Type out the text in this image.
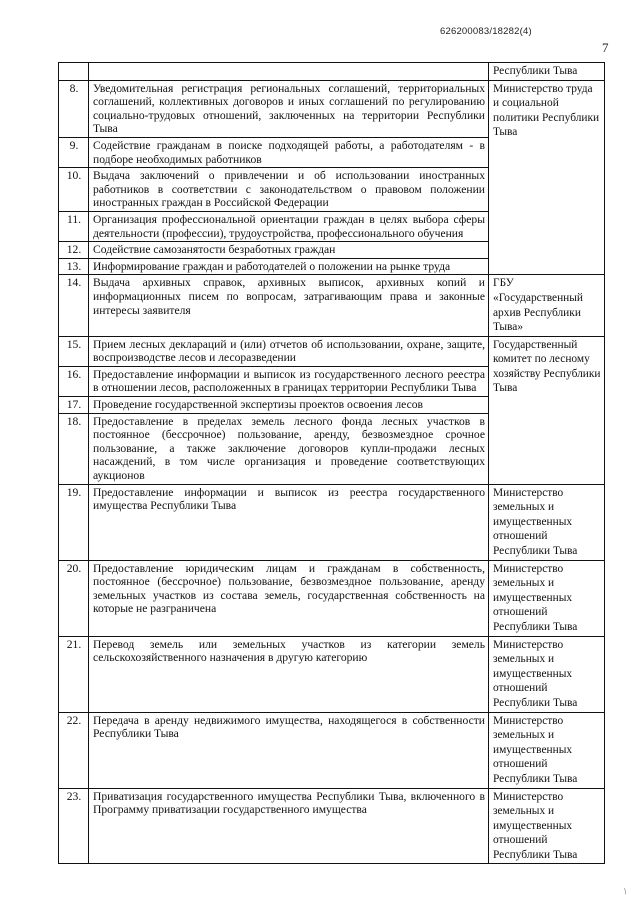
626200083/18282(4)
7
		Республики Тыва
8.	Уведомительная регистрация региональных соглашений, территориальных соглашений, коллективных договоров и иных соглашений по регулированию социально-трудовых отношений, заключенных на территории Республики Тыва	Министерство труда и социальной политики Республики Тыва
9.	Содействие гражданам в поиске подходящей работы, а работодателям - в подборе необходимых работников	
10.	Выдача заключений о привлечении и об использовании иностранных работников в соответствии с законодательством о правовом положении иностранных граждан в Российской Федерации	
11.	Организация профессиональной ориентации граждан в целях выбора сферы деятельности (профессии), трудоустройства, профессионального обучения	
12.	Содействие самозанятости безработных граждан	
13.	Информирование граждан и работодателей о положении на рынке труда	
14.	Выдача архивных справок, архивных выписок, архивных копий и информационных писем по вопросам, затрагивающим права и законные интересы заявителя	ГБУ «Государственный архив Республики Тыва»
15.	Прием лесных деклараций и (или) отчетов об использовании, охране, защите, воспроизводстве лесов и лесоразведении	Государственный комитет по лесному хозяйству Республики Тыва
16.	Предоставление информации и выписок из государственного лесного реестра в отношении лесов, расположенных в границах территории Республики Тыва	
17.	Проведение государственной экспертизы проектов освоения лесов	
18.	Предоставление в пределах земель лесного фонда лесных участков в постоянное (бессрочное) пользование, аренду, безвозмездное срочное пользование, а также заключение договоров купли-продажи лесных насаждений, в том числе организация и проведение соответствующих аукционов	
19.	Предоставление информации и выписок из реестра государственного имущества Республики Тыва	Министерство земельных и имущественных отношений Республики Тыва
20.	Предоставление юридическим лицам и гражданам в собственность, постоянное (бессрочное) пользование, безвозмездное пользование, аренду земельных участков из состава земель, государственная собственность на которые не разграничена	Министерство земельных и имущественных отношений Республики Тыва
21.	Перевод земель или земельных участков из категории земель сельскохозяйственного назначения в другую категорию	Министерство земельных и имущественных отношений Республики Тыва
22.	Передача в аренду недвижимого имущества, находящегося в собственности Республики Тыва	Министерство земельных и имущественных отношений Республики Тыва
23.	Приватизация государственного имущества Республики Тыва, включенного в Программу приватизации государственного имущества	Министерство земельных и имущественных отношений Республики Тыва
/
